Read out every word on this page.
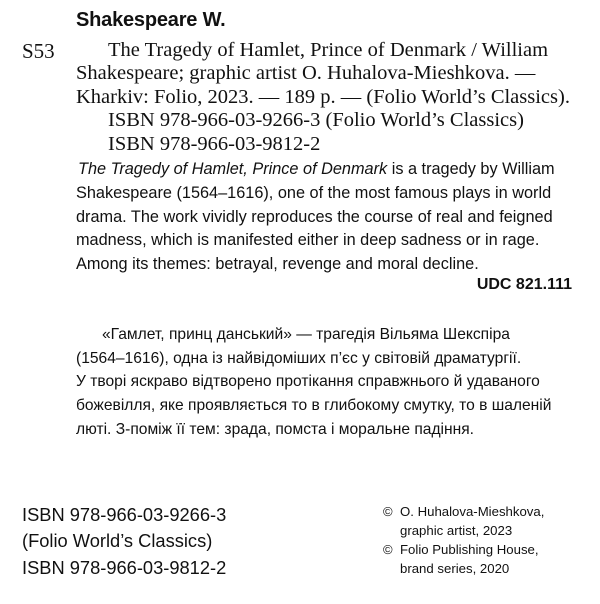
Shakespeare W.
S53	The Tragedy of Hamlet, Prince of Denmark / William
Shakespeare; graphic artist O. Huhalova-Mieshkova. —
Kharkiv: Folio, 2023. — 189 p. — (Folio World’s Classics).
ISBN 978-966-03-9266-3 (Folio World’s Classics)
ISBN 978-966-03-9812-2
The Tragedy of Hamlet, Prince of Denmark is a tragedy by William
Shakespeare (1564–1616), one of the most famous plays in world
drama. The work vividly reproduces the course of real and feigned
madness, which is manifested either in deep sadness or in rage.
Among its themes: betrayal, revenge and moral decline.
UDC 821.111
«Гамлет, принц данський» — трагедія Вільяма Шекспіра
(1564–1616), одна із найвідоміших п’єс у світовій драматургії.
У творі яскраво відтворено протікання справжнього й удаваного
божевілля, яке проявляється то в глибокому смутку, то в шаленій
люті. З-поміж її тем: зрада, помста і моральне падіння.
ISBN 978-966-03-9266-3
(Folio World’s Classics)
ISBN 978-966-03-9812-2
© O. Huhalova-Mieshkova,
graphic artist, 2023
© Folio Publishing House,
brand series, 2020
